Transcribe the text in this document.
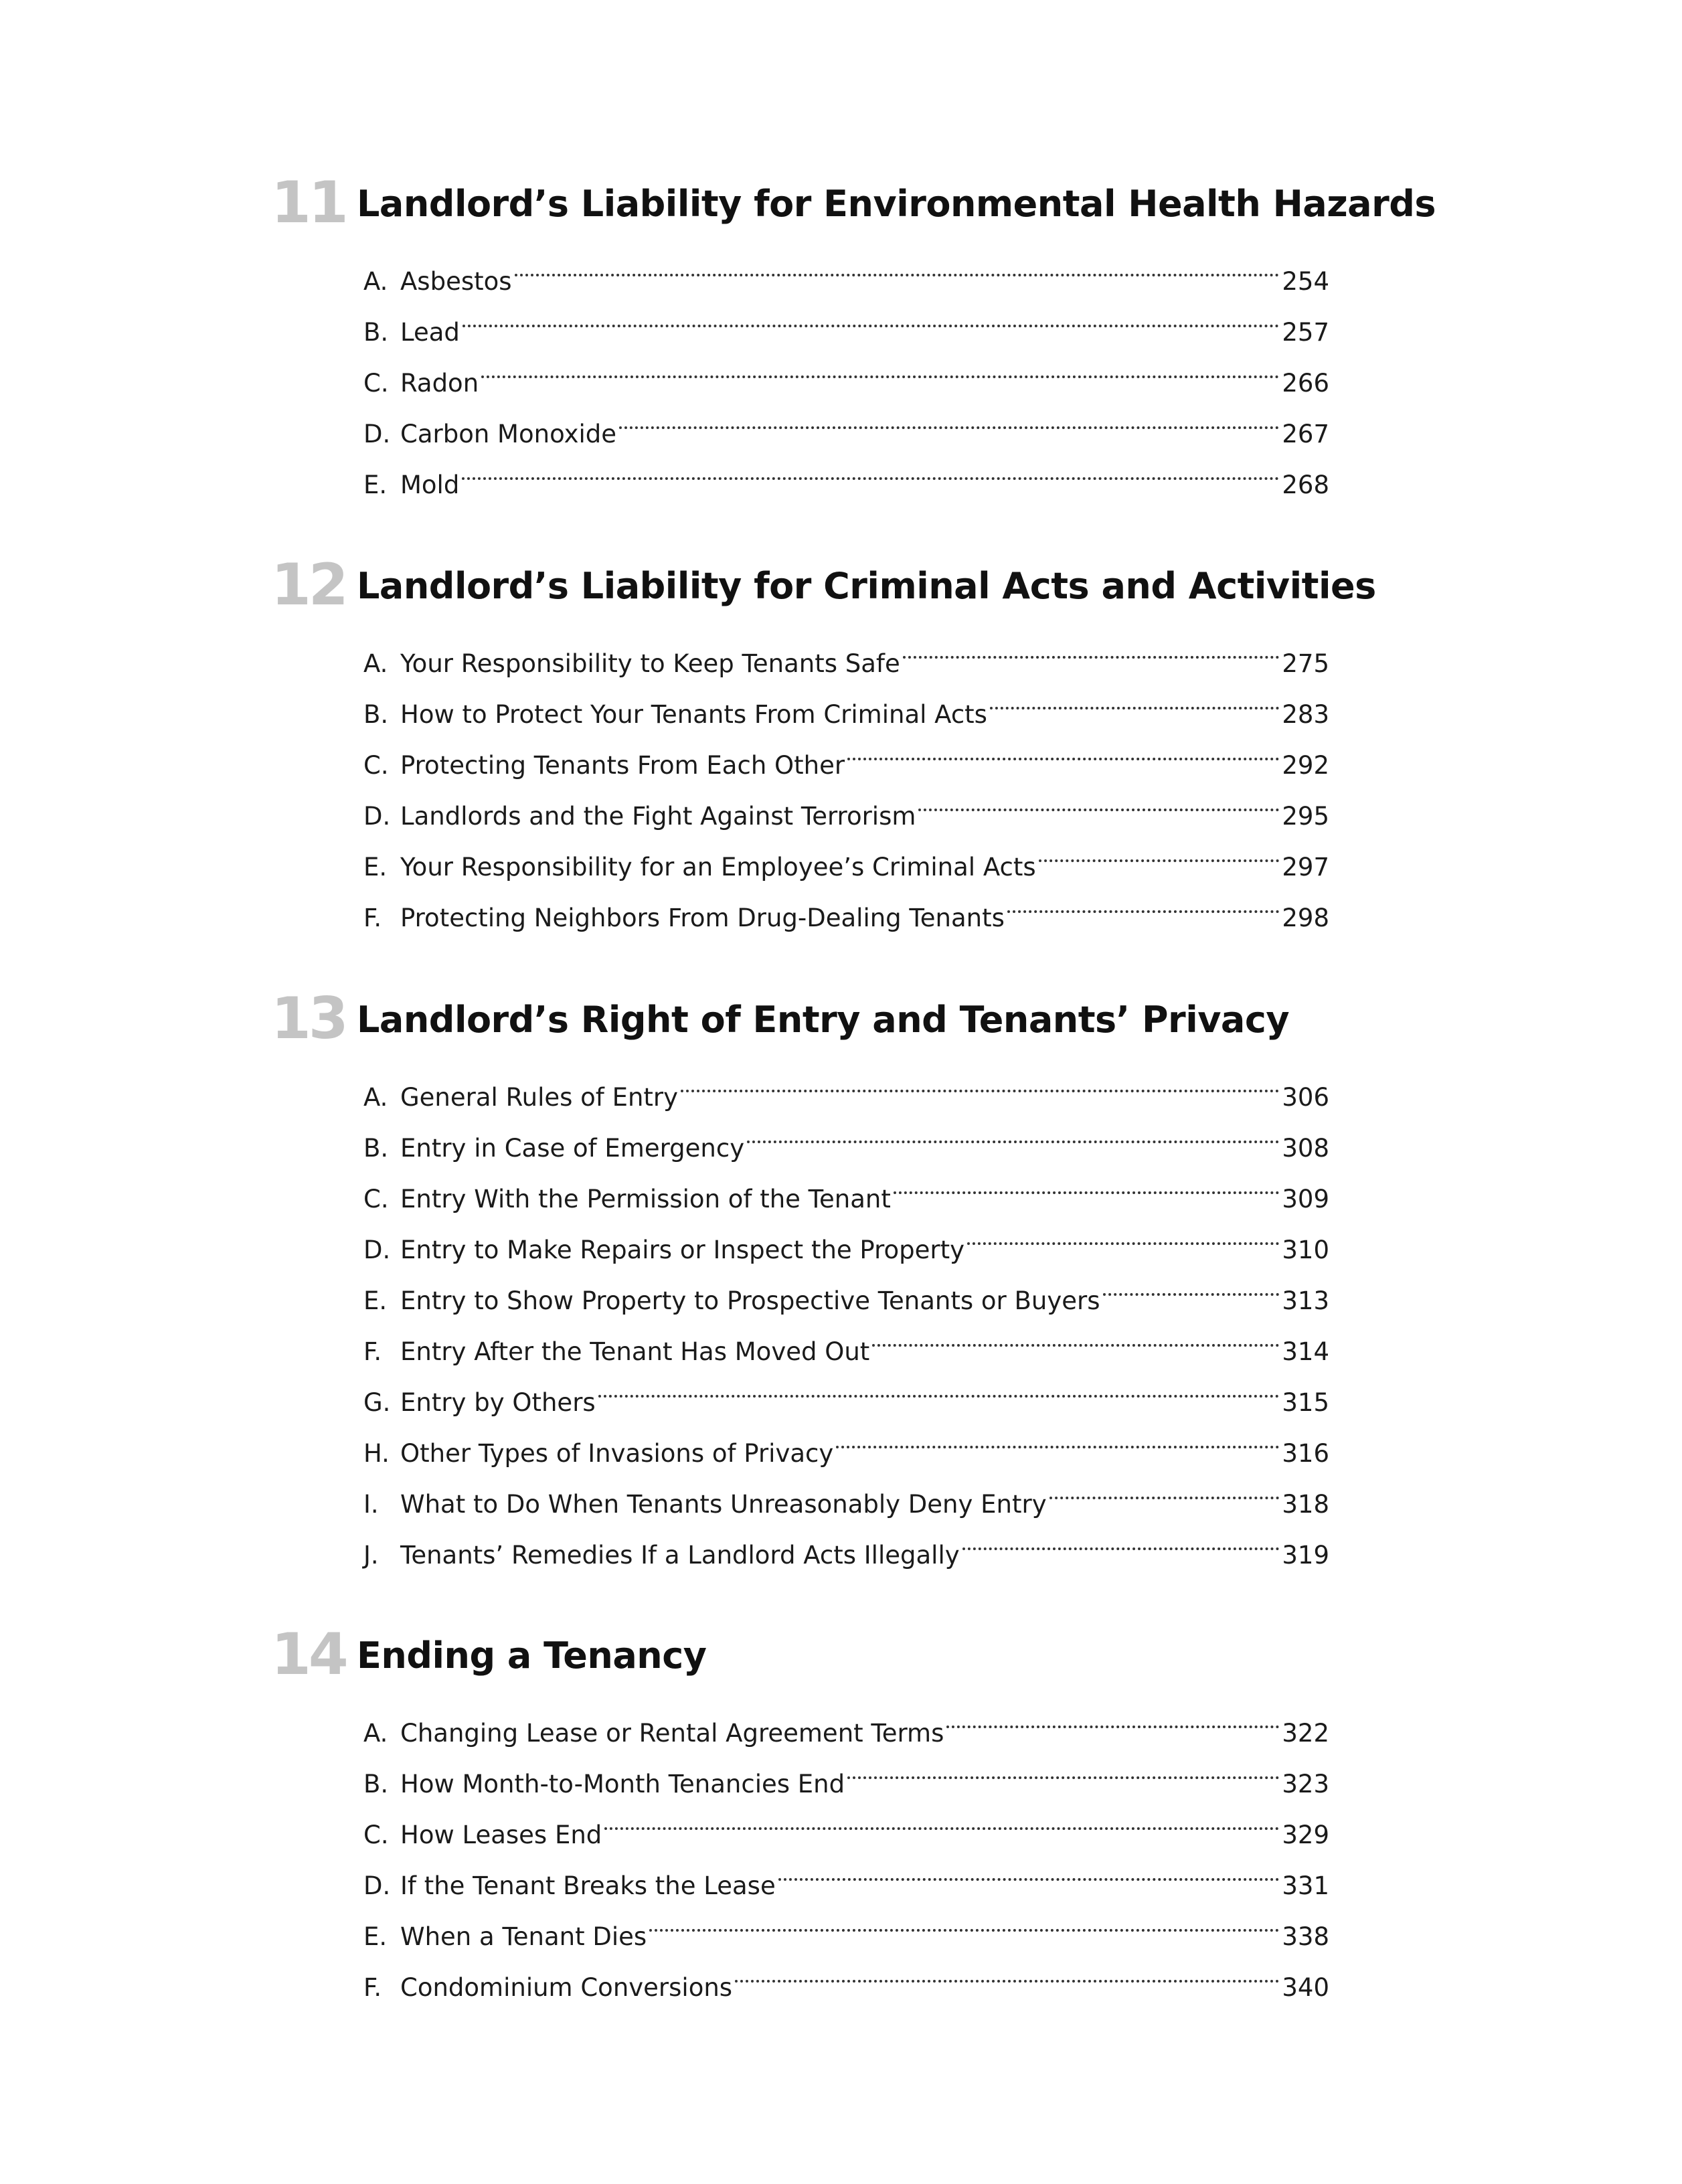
11 Landlord’s Liability for Environmental Health Hazards
A. Asbestos	254
B. Lead	257
C. Radon	266
D. Carbon Monoxide	267
E. Mold	268
12 Landlord’s Liability for Criminal Acts and Activities
A. Your Responsibility to Keep Tenants Safe	275
B. How to Protect Your Tenants From Criminal Acts	283
C. Protecting Tenants From Each Other	292
D. Landlords and the Fight Against Terrorism	295
E. Your Responsibility for an Employee’s Criminal Acts	297
F. Protecting Neighbors From Drug-Dealing Tenants	298
13 Landlord’s Right of Entry and Tenants’ Privacy
A. General Rules of Entry	306
B. Entry in Case of Emergency	308
C. Entry With the Permission of the Tenant	309
D. Entry to Make Repairs or Inspect the Property	310
E. Entry to Show Property to Prospective Tenants or Buyers	313
F. Entry After the Tenant Has Moved Out	314
G. Entry by Others	315
H. Other Types of Invasions of Privacy	316
I. What to Do When Tenants Unreasonably Deny Entry	318
J. Tenants’ Remedies If a Landlord Acts Illegally	319
14 Ending a Tenancy
A. Changing Lease or Rental Agreement Terms	322
B. How Month-to-Month Tenancies End	323
C. How Leases End	329
D. If the Tenant Breaks the Lease	331
E. When a Tenant Dies	338
F. Condominium Conversions	340
